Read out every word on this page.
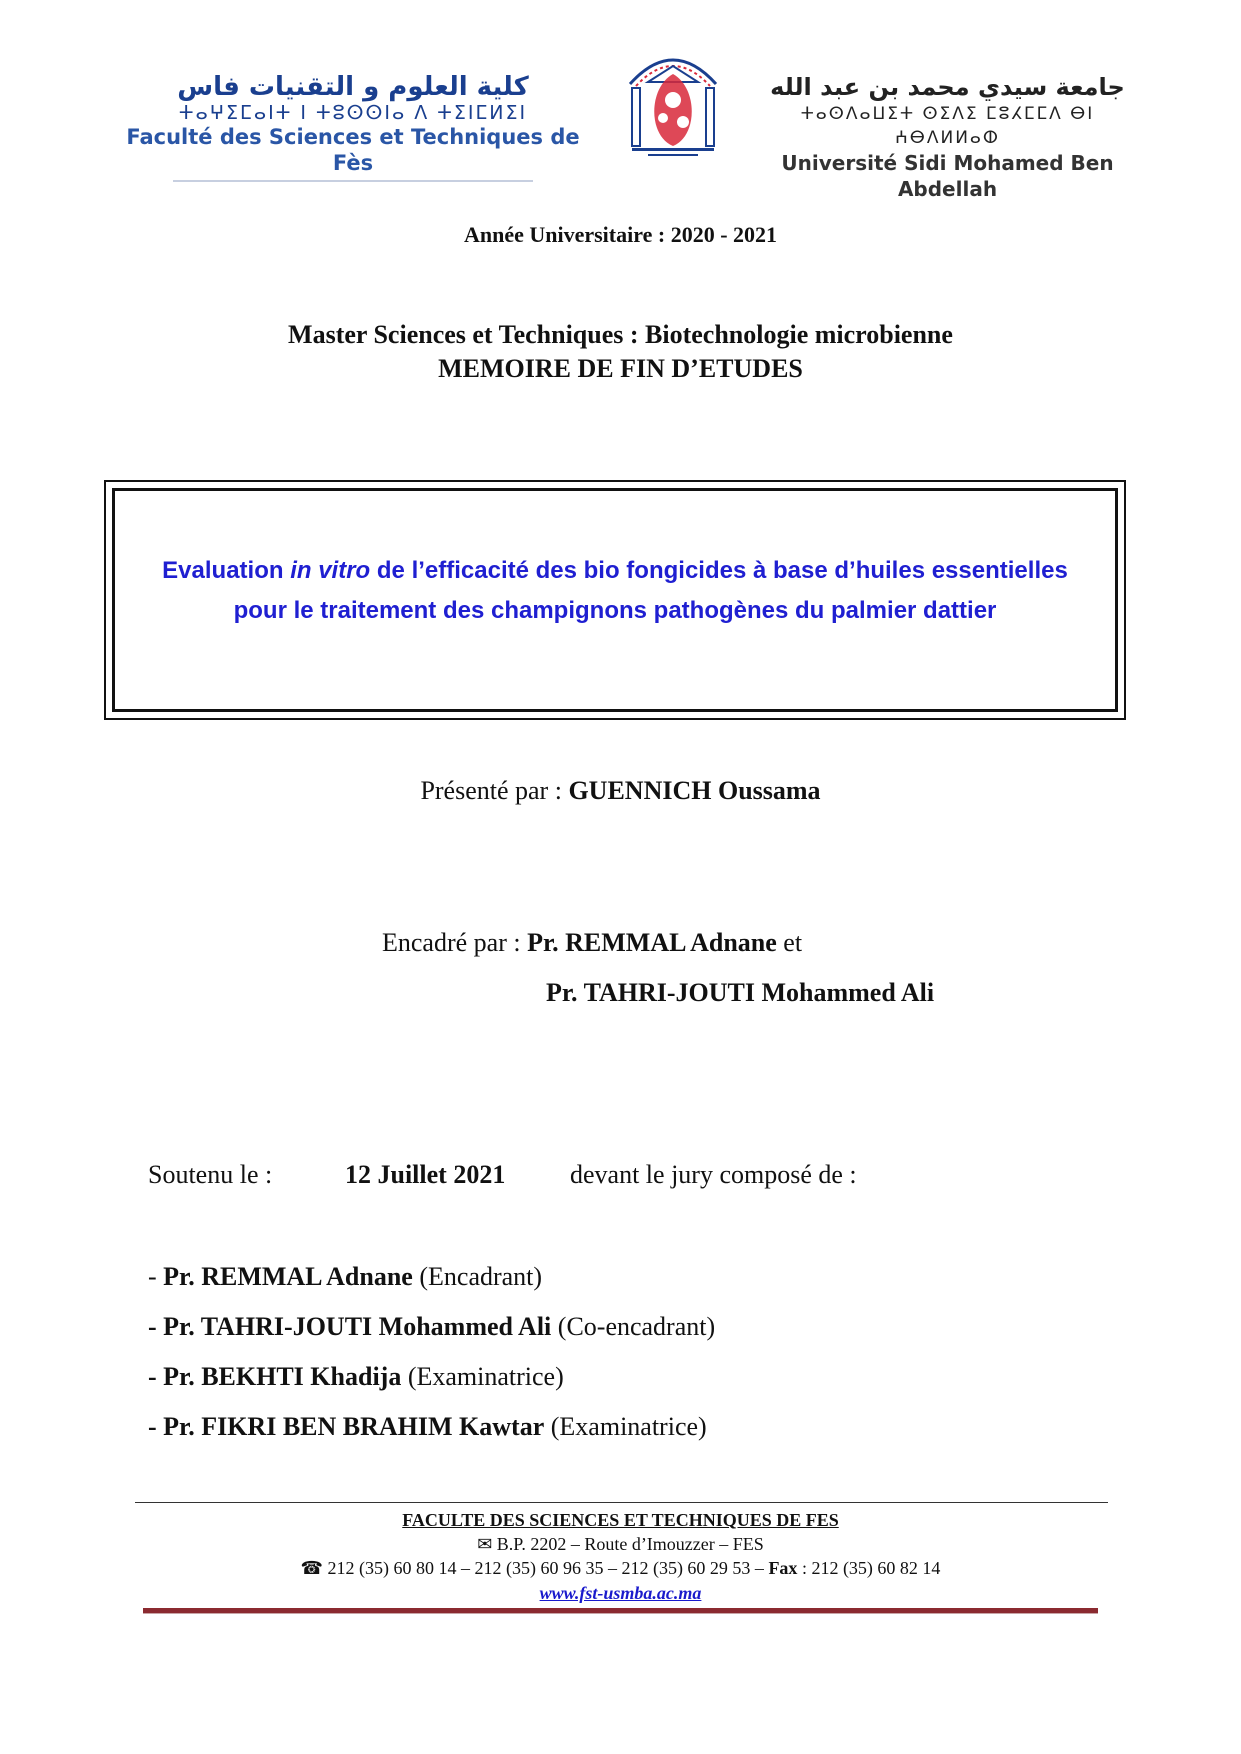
كلية العلوم و التقنيات فاس
ⵜⴰⵖⵉⵎⴰⵏⵜ ⵏ ⵜⵓⵙⵙⵏⴰ ⴷ ⵜⵉⵏⵎⵍⵉⵏ
Faculté des Sciences et Techniques de Fès
جامعة سيدي محمد بن عبد الله
ⵜⴰⵙⴷⴰⵡⵉⵜ ⵙⵉⴷⵉ ⵎⵓⵃⵎⵎⴷ ⴱⵏ ⵄⴱⴷⵍⵍⴰⵀ
Université Sidi Mohamed Ben Abdellah
Année Universitaire : 2020 - 2021
Master Sciences et Techniques : Biotechnologie microbienne
MEMOIRE DE FIN D’ETUDES
Evaluation in vitro de l’efficacité des bio fongicides à base d’huiles essentielles
pour le traitement des champignons pathogènes du palmier dattier
Présenté par : GUENNICH Oussama
Encadré par : Pr. REMMAL Adnane et
Pr. TAHRI-JOUTI Mohammed Ali
Soutenu le :	12 Juillet 2021 devant le jury composé de :
- Pr. REMMAL Adnane (Encadrant)
- Pr. TAHRI-JOUTI Mohammed Ali (Co-encadrant)
- Pr. BEKHTI Khadija (Examinatrice)
- Pr. FIKRI BEN BRAHIM Kawtar (Examinatrice)
FACULTE DES SCIENCES ET TECHNIQUES DE FES
✉ B.P. 2202 – Route d’Imouzzer – FES
☎ 212 (35) 60 80 14 – 212 (35) 60 96 35 – 212 (35) 60 29 53 – Fax : 212 (35) 60 82 14
www.fst-usmba.ac.ma
